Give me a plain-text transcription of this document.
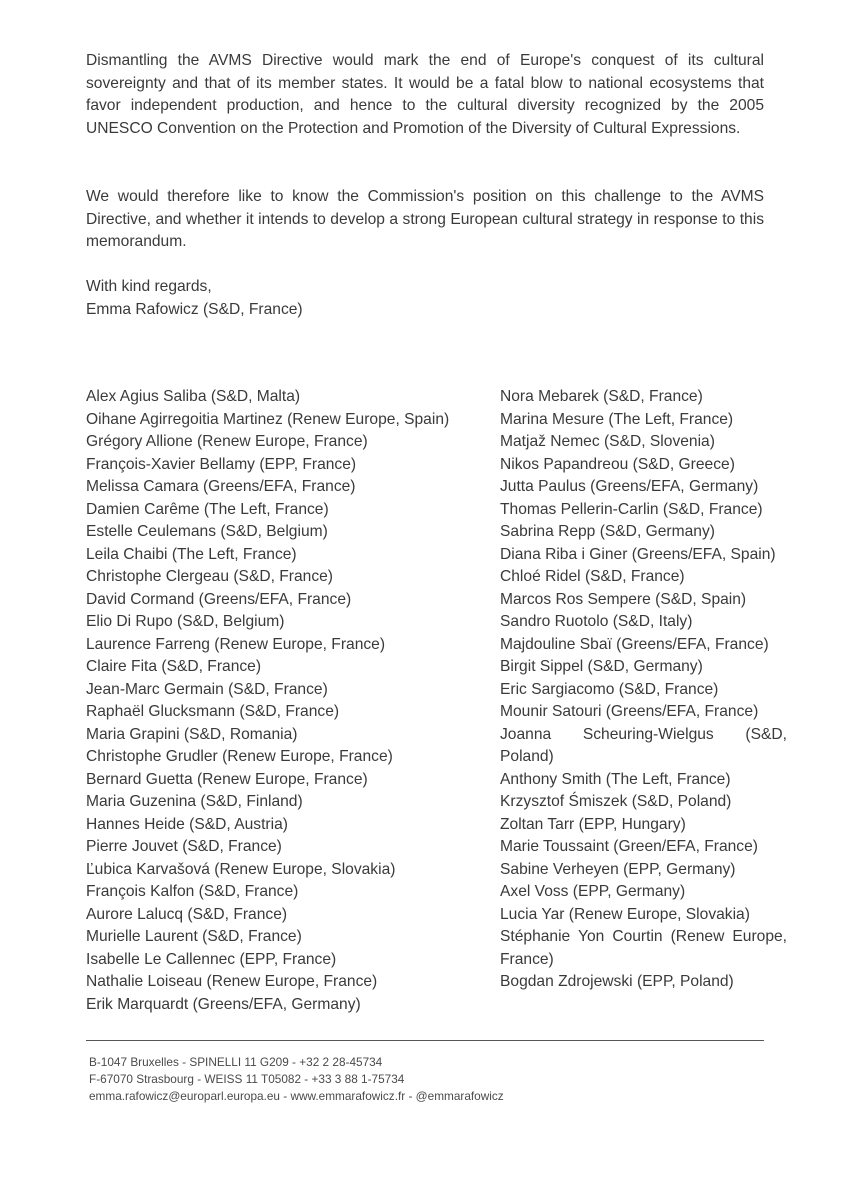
Dismantling the AVMS Directive would mark the end of Europe's conquest of its cultural sovereignty and that of its member states. It would be a fatal blow to national ecosystems that favor independent production, and hence to the cultural diversity recognized by the 2005 UNESCO Convention on the Protection and Promotion of the Diversity of Cultural Expressions.

We would therefore like to know the Commission's position on this challenge to the AVMS Directive, and whether it intends to develop a strong European cultural strategy in response to this memorandum.

With kind regards,
Emma Rafowicz (S&D, France)

Alex Agius Saliba (S&D, Malta)

Oihane Agirregoitia Martinez (Renew Europe, Spain)

Grégory Allione (Renew Europe, France)

François-Xavier Bellamy (EPP, France)

Melissa Camara (Greens/EFA, France)

Damien Carême (The Left, France)

Estelle Ceulemans (S&D, Belgium)

Leila Chaibi (The Left, France)

Christophe Clergeau (S&D, France)

David Cormand (Greens/EFA, France)

Elio Di Rupo (S&D, Belgium)

Laurence Farreng (Renew Europe, France)

Claire Fita (S&D, France)

Jean-Marc Germain (S&D, France)

Raphaël Glucksmann (S&D, France)

Maria Grapini (S&D, Romania)

Christophe Grudler (Renew Europe, France)

Bernard Guetta (Renew Europe, France)

Maria Guzenina (S&D, Finland)

Hannes Heide (S&D, Austria)

Pierre Jouvet (S&D, France)

Ľubica Karvašová (Renew Europe, Slovakia)

François Kalfon (S&D, France)

Aurore Lalucq (S&D, France)

Murielle Laurent (S&D, France)

Isabelle Le Callennec (EPP, France)

Nathalie Loiseau (Renew Europe, France)

Erik Marquardt (Greens/EFA, Germany)

Nora Mebarek (S&D, France)

Marina Mesure (The Left, France)

Matjaž Nemec (S&D, Slovenia)

Nikos Papandreou (S&D, Greece)

Jutta Paulus (Greens/EFA, Germany)

Thomas Pellerin-Carlin (S&D, France)

Sabrina Repp (S&D, Germany)

Diana Riba i Giner (Greens/EFA, Spain)

Chloé Ridel (S&D, France)

Marcos Ros Sempere (S&D, Spain)

Sandro Ruotolo (S&D, Italy)

Majdouline Sbaï (Greens/EFA, France)

Birgit Sippel (S&D, Germany)

Eric Sargiacomo (S&D, France)

Mounir Satouri (Greens/EFA, France)

Joanna Scheuring-Wielgus (S&D, Poland)

Anthony Smith (The Left, France)

Krzysztof Śmiszek (S&D, Poland)

Zoltan Tarr (EPP, Hungary)

Marie Toussaint (Green/EFA, France)

Sabine Verheyen (EPP, Germany)

Axel Voss (EPP, Germany)

Lucia Yar (Renew Europe, Slovakia)

Stéphanie Yon Courtin (Renew Europe, France)

Bogdan Zdrojewski (EPP, Poland)

B-1047 Bruxelles - SPINELLI 11 G209 - +32 2 28-45734
F-67070 Strasbourg - WEISS 11 T05082 - +33 3 88 1-75734
emma.rafowicz@europarl.europa.eu - www.emmarafowicz.fr - @emmarafowicz
